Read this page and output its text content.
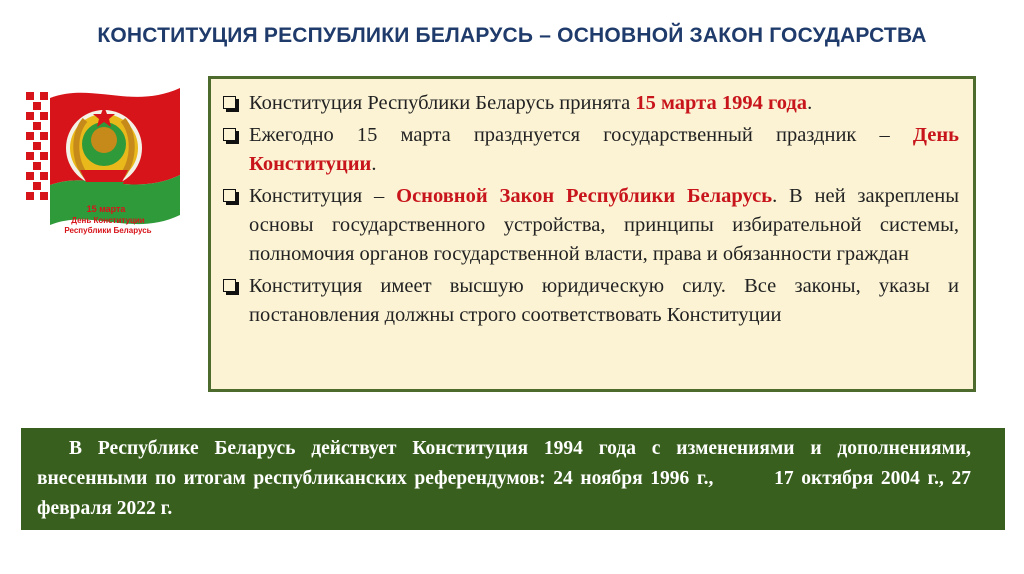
КОНСТИТУЦИЯ РЕСПУБЛИКИ БЕЛАРУСЬ – ОСНОВНОЙ ЗАКОН ГОСУДАРСТВА
15 марта
День Конституции
Республики Беларусь
Конституция Республики Беларусь принята 15 марта 1994 года.
Ежегодно 15 марта празднуется государственный праздник – День Конституции.
Конституция – Основной Закон Республики Беларусь. В ней закреплены основы государственного устройства, принципы избирательной системы, полномочия органов государственной власти, права и обязанности граждан
Конституция имеет высшую юридическую силу. Все законы, указы и постановления должны строго соответствовать Конституции
В Республике Беларусь действует Конституция 1994 года с изменениями и дополнениями, внесенными по итогам республиканских референдумов: 24 ноября 1996 г.,        17 октября 2004 г., 27 февраля 2022 г.
